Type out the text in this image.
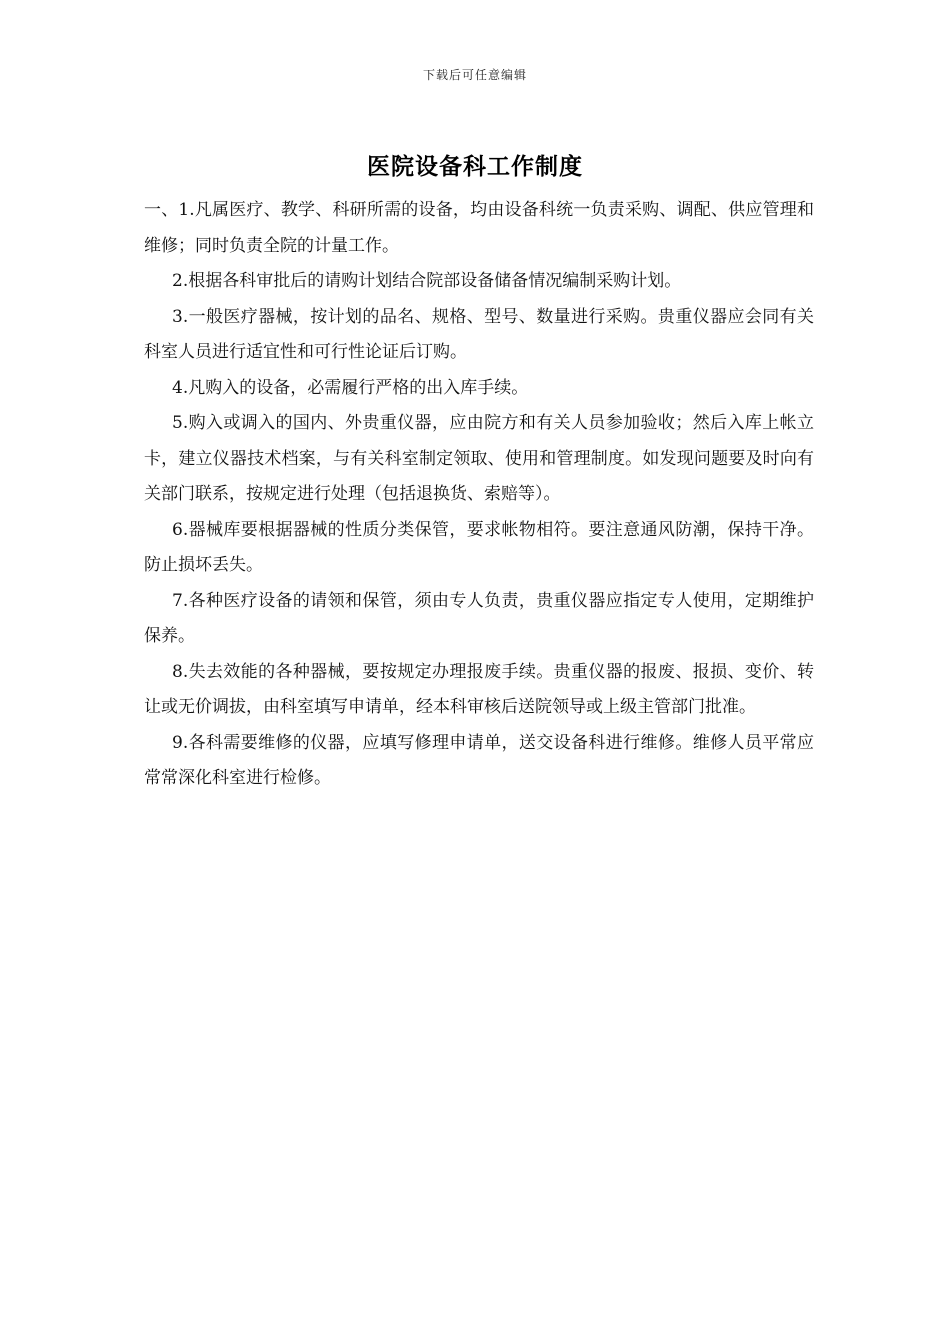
下载后可任意编辑
医院设备科工作制度

一、1.凡属医疗、教学、科研所需的设备，均由设备科统一负责采购、调配、供应管理和维修；同时负责全院的计量工作。

2.根据各科审批后的请购计划结合院部设备储备情况编制采购计划。

3.一般医疗器械，按计划的品名、规格、型号、数量进行采购。贵重仪器应会同有关科室人员进行适宜性和可行性论证后订购。

4.凡购入的设备，必需履行严格的出入库手续。

5.购入或调入的国内、外贵重仪器，应由院方和有关人员参加验收；然后入库上帐立卡，建立仪器技术档案，与有关科室制定领取、使用和管理制度。如发现问题要及时向有关部门联系，按规定进行处理（包括退换货、索赔等）。

6.器械库要根据器械的性质分类保管，要求帐物相符。要注意通风防潮，保持干净。防止损坏丢失。

7.各种医疗设备的请领和保管，须由专人负责，贵重仪器应指定专人使用，定期维护保养。

8.失去效能的各种器械，要按规定办理报废手续。贵重仪器的报废、报损、变价、转让或无价调拔，由科室填写申请单，经本科审核后送院领导或上级主管部门批准。

9.各科需要维修的仪器，应填写修理申请单，送交设备科进行维修。维修人员平常应常常深化科室进行检修。
